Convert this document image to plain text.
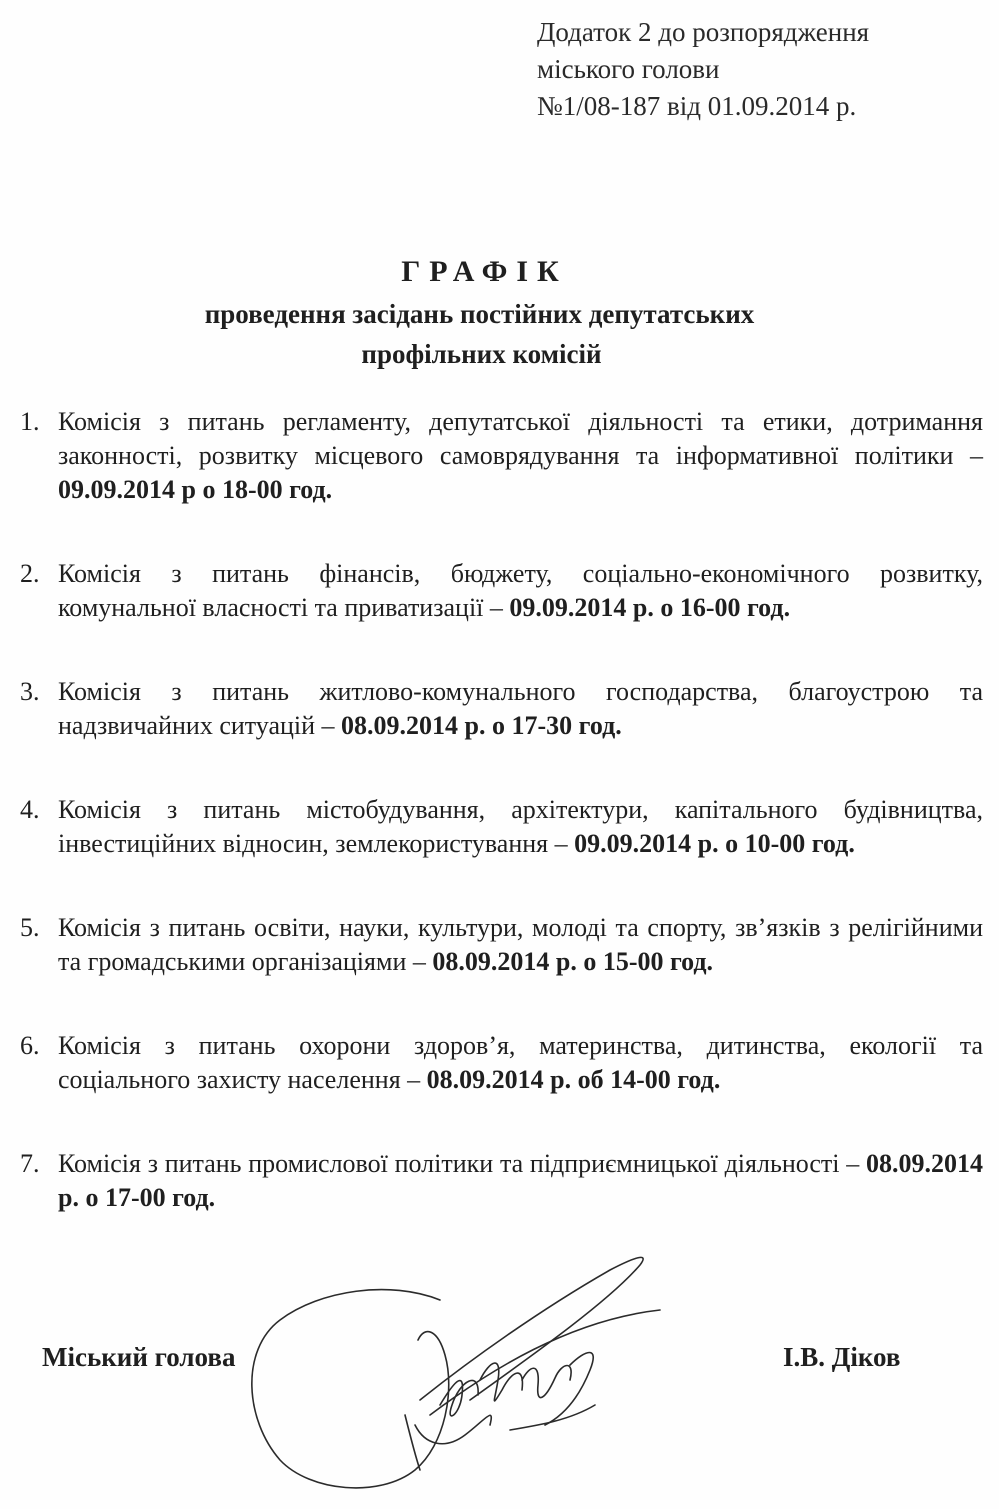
Додаток 2 до розпорядження
міського голови
№1/08-187 від 01.09.2014 р.
ГРАФІК
проведення засідань постійних депутатських
профільних комісій
1. Комісія з питань регламенту, депутатської діяльності та етики, дотримання законності, розвитку місцевого самоврядування та інформативної політики – 09.09.2014 р о 18-00 год.
2. Комісія з питань фінансів, бюджету, соціально-економічного розвитку, комунальної власності та приватизації – 09.09.2014 р. о 16-00 год.
3. Комісія з питань житлово-комунального господарства, благоустрою та надзвичайних ситуацій – 08.09.2014 р. о 17-30 год.
4. Комісія з питань містобудування, архітектури, капітального будівництва, інвестиційних відносин, землекористування – 09.09.2014 р. о 10-00 год.
5. Комісія з питань освіти, науки, культури, молоді та спорту, зв’язків з релігійними та громадськими організаціями – 08.09.2014 р. о 15-00 год.
6. Комісія з питань охорони здоров’я, материнства, дитинства, екології та соціального захисту населення – 08.09.2014 р. об 14-00 год.
7. Комісія з питань промислової політики та підприємницької діяльності – 08.09.2014 р. о 17-00 год.
Міський голова	І.В. Діков
